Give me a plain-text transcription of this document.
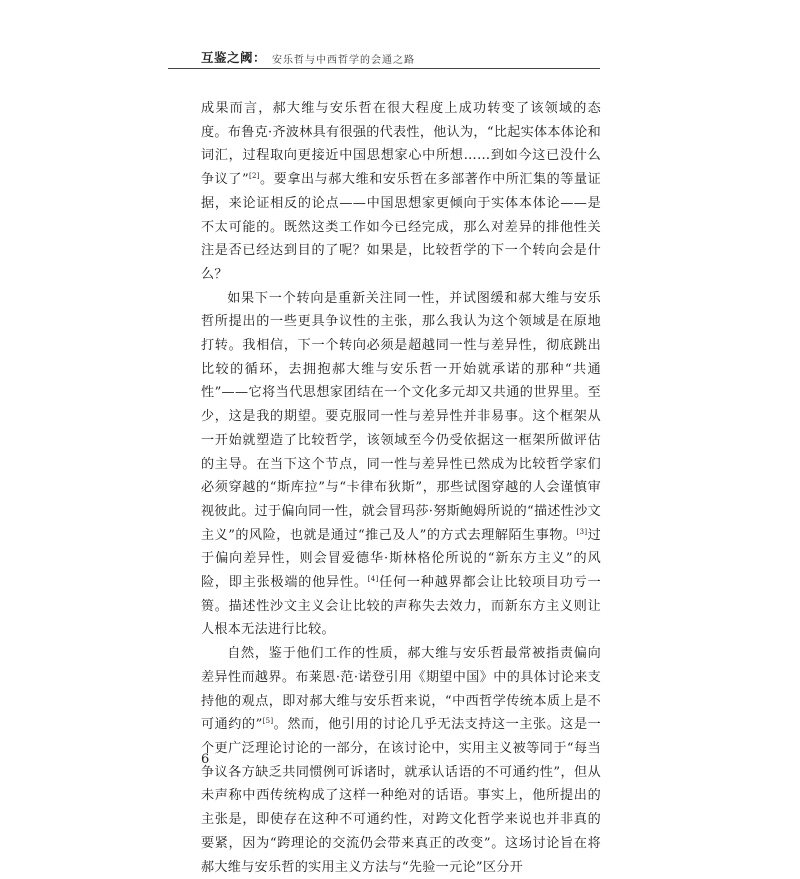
互鉴之阈： 安乐哲与中西哲学的会通之路

成果而言，郝大维与安乐哲在很大程度上成功转变了该领域的态度。布鲁克·齐波林具有很强的代表性，他认为，“比起实体本体论和词汇，过程取向更接近中国思想家心中所想……到如今这已没什么争议了”[2]。要拿出与郝大维和安乐哲在多部著作中所汇集的等量证据，来论证相反的论点——中国思想家更倾向于实体本体论——是不太可能的。既然这类工作如今已经完成，那么对差异的排他性关注是否已经达到目的了呢？如果是，比较哲学的下一个转向会是什么？

如果下一个转向是重新关注同一性，并试图缓和郝大维与安乐哲所提出的一些更具争议性的主张，那么我认为这个领域是在原地打转。我相信，下一个转向必须是超越同一性与差异性，彻底跳出比较的循环，去拥抱郝大维与安乐哲一开始就承诺的那种“共通性”——它将当代思想家团结在一个文化多元却又共通的世界里。至少，这是我的期望。要克服同一性与差异性并非易事。这个框架从一开始就塑造了比较哲学，该领域至今仍受依据这一框架所做评估的主导。在当下这个节点，同一性与差异性已然成为比较哲学家们必须穿越的“斯库拉”与“卡律布狄斯”，那些试图穿越的人会谨慎审视彼此。过于偏向同一性，就会冒玛莎·努斯鲍姆所说的“描述性沙文主义”的风险，也就是通过“推己及人”的方式去理解陌生事物。[3]过于偏向差异性，则会冒爱德华·斯林格伦所说的“新东方主义”的风险，即主张极端的他异性。[4]任何一种越界都会让比较项目功亏一篑。描述性沙文主义会让比较的声称失去效力，而新东方主义则让人根本无法进行比较。

自然，鉴于他们工作的性质，郝大维与安乐哲最常被指责偏向差异性而越界。布莱恩·范·诺登引用《期望中国》中的具体讨论来支持他的观点，即对郝大维与安乐哲来说，“中西哲学传统本质上是不可通约的”[5]。然而，他引用的讨论几乎无法支持这一主张。这是一个更广泛理论讨论的一部分，在该讨论中，实用主义被等同于“每当争议各方缺乏共同惯例可诉诸时，就承认话语的不可通约性”，但从未声称中西传统构成了这样一种绝对的话语。事实上，他所提出的主张是，即使存在这种不可通约性，对跨文化哲学来说也并非真的要紧，因为“跨理论的交流仍会带来真正的改变”。这场讨论旨在将郝大维与安乐哲的实用主义方法与“先验一元论”区分开

6
